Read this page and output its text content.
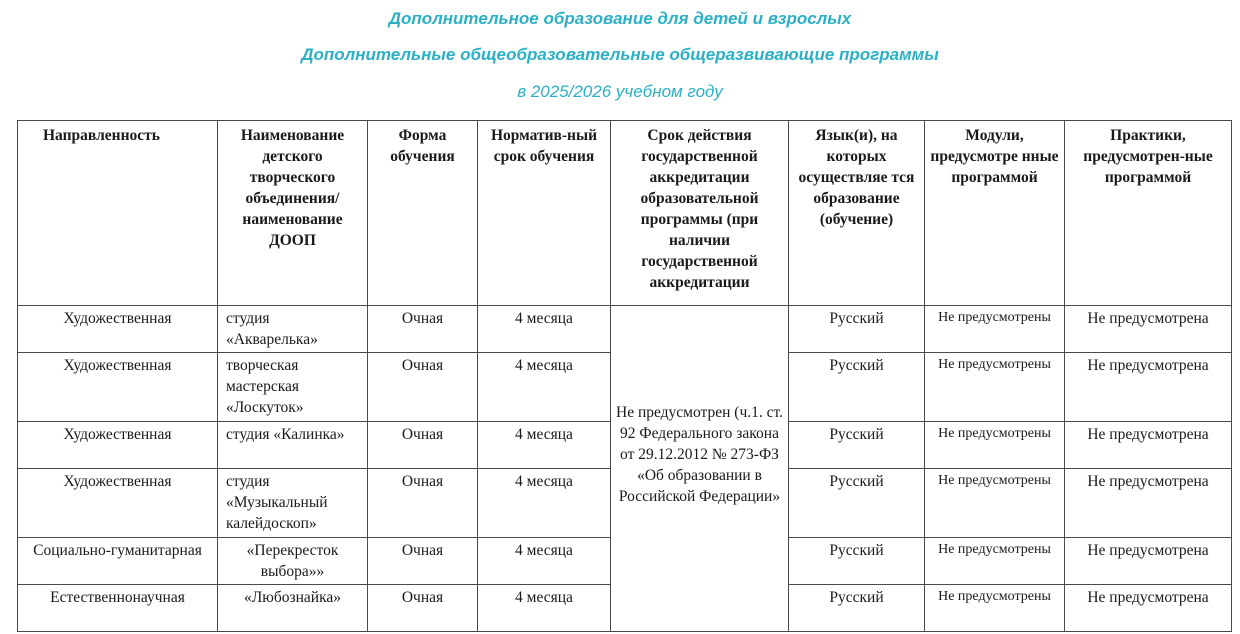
Дополнительное образование для детей и взрослых
Дополнительные общеобразовательные общеразвивающие программы
в 2025/2026 учебном году
Направленность	Наименование детского творческого объединения/ наименование ДООП	Форма обучения	Норматив-ный срок обучения	Срок действия государственной аккредитации образовательной программы (при наличии государственной аккредитации	Язык(и), на которых осуществляе тся образование (обучение)	Модули, предусмотре нные программой	Практики, предусмотрен-ные программой
Художественная	студия «Акварелька»	Очная	4 месяца	Не предусмотрен (ч.1. ст. 92 Федерального закона от 29.12.2012 № 273-ФЗ «Об образовании в Российской Федерации»	Русский	Не предусмотрены	Не предусмотрена
Художественная	творческая мастерская «Лоскуток»	Очная	4 месяца		Русский	Не предусмотрены	Не предусмотрена
Художественная	студия «Калинка»	Очная	4 месяца		Русский	Не предусмотрены	Не предусмотрена
Художественная	студия «Музыкальный калейдоскоп»	Очная	4 месяца		Русский	Не предусмотрены	Не предусмотрена
Социально-гуманитарная	«Перекресток выбора»»	Очная	4 месяца		Русский	Не предусмотрены	Не предусмотрена
Естественнонаучная	«Любознайка»	Очная	4 месяца		Русский	Не предусмотрены	Не предусмотрена
